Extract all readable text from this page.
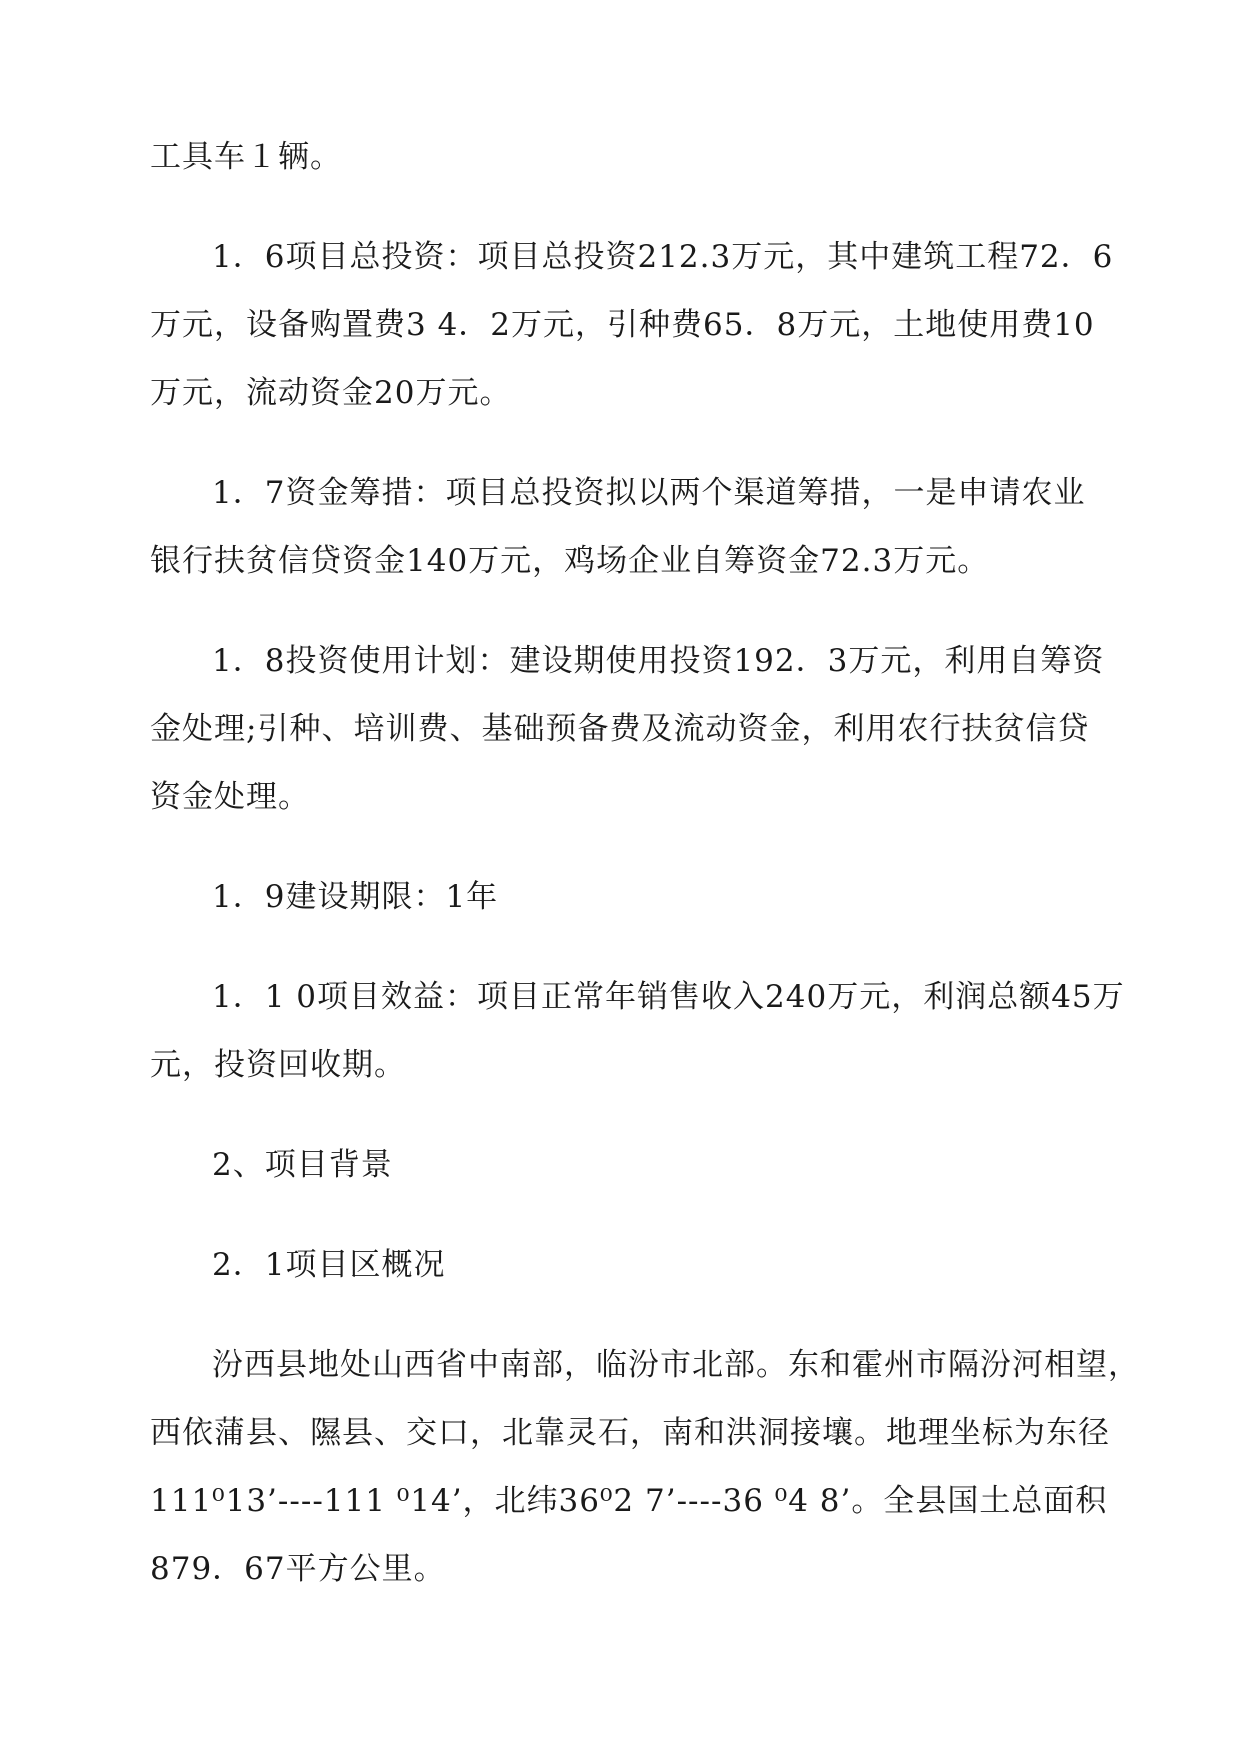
工具车１辆。

1．6项目总投资：项目总投资212.3万元，其中建筑工程72．6

万元，设备购置费3 4．2万元，引种费65．8万元，土地使用费10

万元，流动资金20万元。

1．7资金筹措：项目总投资拟以两个渠道筹措，一是申请农业

银行扶贫信贷资金140万元，鸡场企业自筹资金72.3万元。

1．8投资使用计划：建设期使用投资192．3万元，利用自筹资

金处理;引种、培训费、基础预备费及流动资金，利用农行扶贫信贷

资金处理。

1．9建设期限：1年

1．1 0项目效益：项目正常年销售收入240万元，利润总额45万

元，投资回收期。

2、项目背景

2．1项目区概况

汾西县地处山西省中南部，临汾市北部。东和霍州市隔汾河相望，

西依蒲县、隰县、交口，北靠灵石，南和洪洞接壤。地理坐标为东径

111⁰13’----111 ⁰14’，北纬36⁰2 7’----36 ⁰4 8’。全县国土总面积

879．67平方公里。
